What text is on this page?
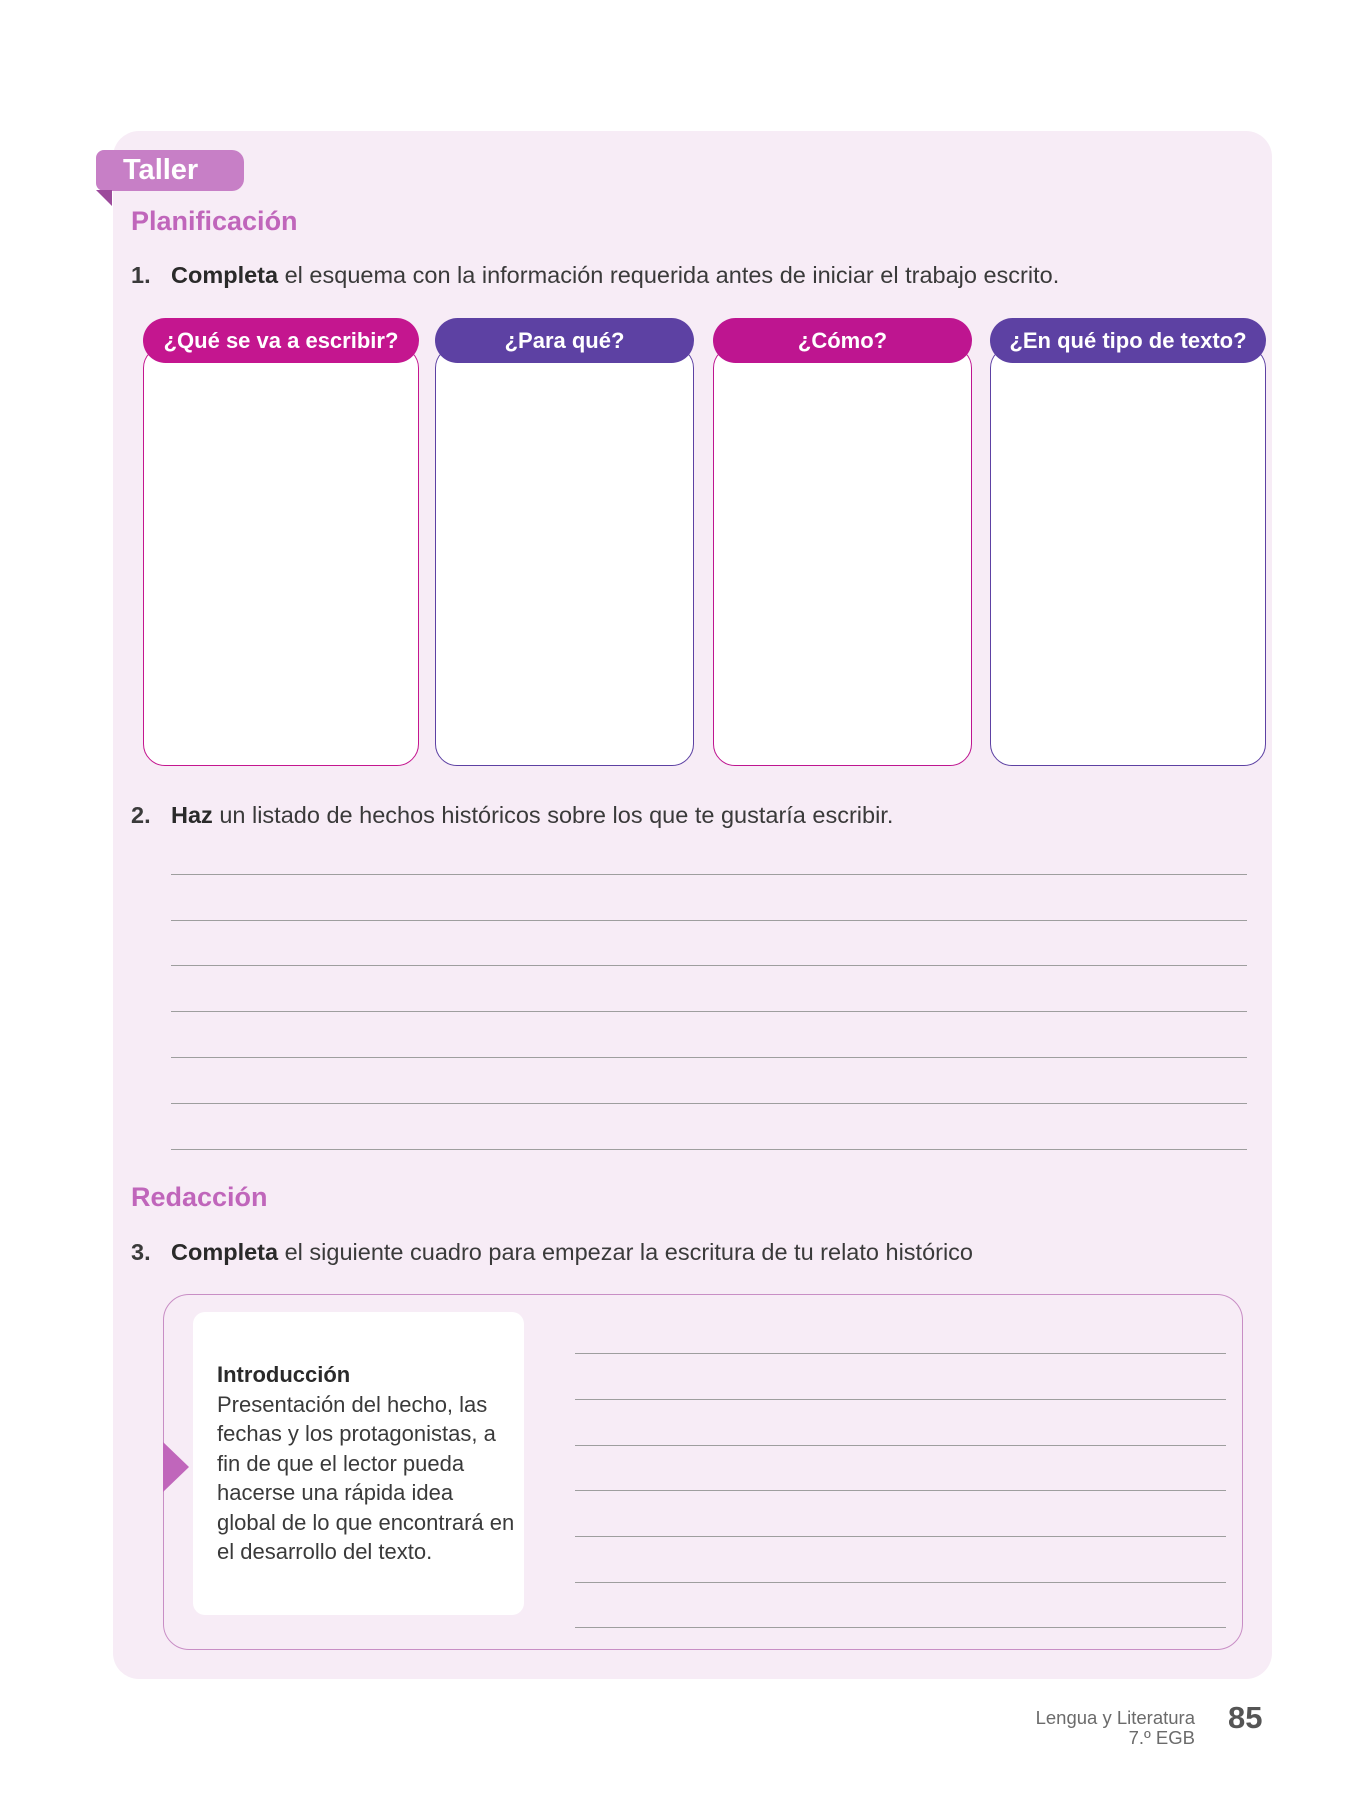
Taller
Planificación
1. Completa el esquema con la información requerida antes de iniciar el trabajo escrito.
¿Qué se va a escribir?	¿Para qué?	¿Cómo?	¿En qué tipo de texto?
2. Haz un listado de hechos históricos sobre los que te gustaría escribir.
Redacción
3. Completa el siguiente cuadro para empezar la escritura de tu relato histórico
Introducción
Presentación del hecho, las fechas y los protagonistas, a fin de que el lector pueda hacerse una rápida idea global de lo que encontrará en el desarrollo del texto.
Lengua y Literatura
7.º EGB
85
